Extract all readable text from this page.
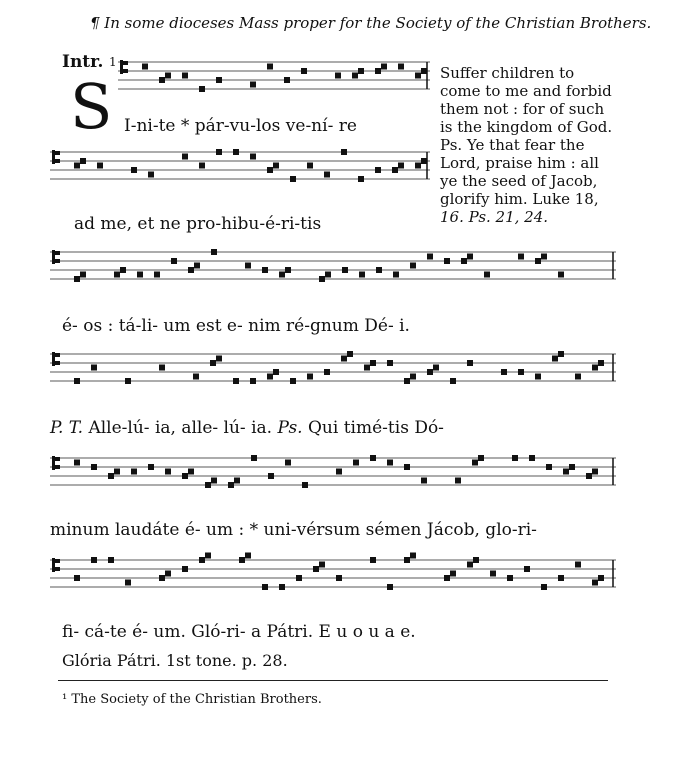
¶ In some dioceses Mass proper for the Society of the Christian Brothers.
Intr. 1
S	Suffer children to
come to me and forbid
them not : for of such
is the kingdom of God.
Ps. Ye that fear the
Lord, praise him : all
ye the seed of Jacob,
glorify him. Luke 18,
16. Ps. 21, 24.
I-ni-te * pár-vu-los ve-ní- re
ad me, et ne pro-hibu-é-ri-tis
é- os : tá-li- um est e- nim ré-gnum Dé- i.
P. T. Alle-lú- ia, alle- lú- ia. Ps. Qui timé-tis Dó-
minum laudáte é- um : * uni-vérsum sémen Jácob, glo-ri-
fi- cá-te é- um. Gló-ri- a Pátri. E u o u a e.
Glória Pátri. 1st tone. p. 28.
¹ The Society of the Christian Brothers.
